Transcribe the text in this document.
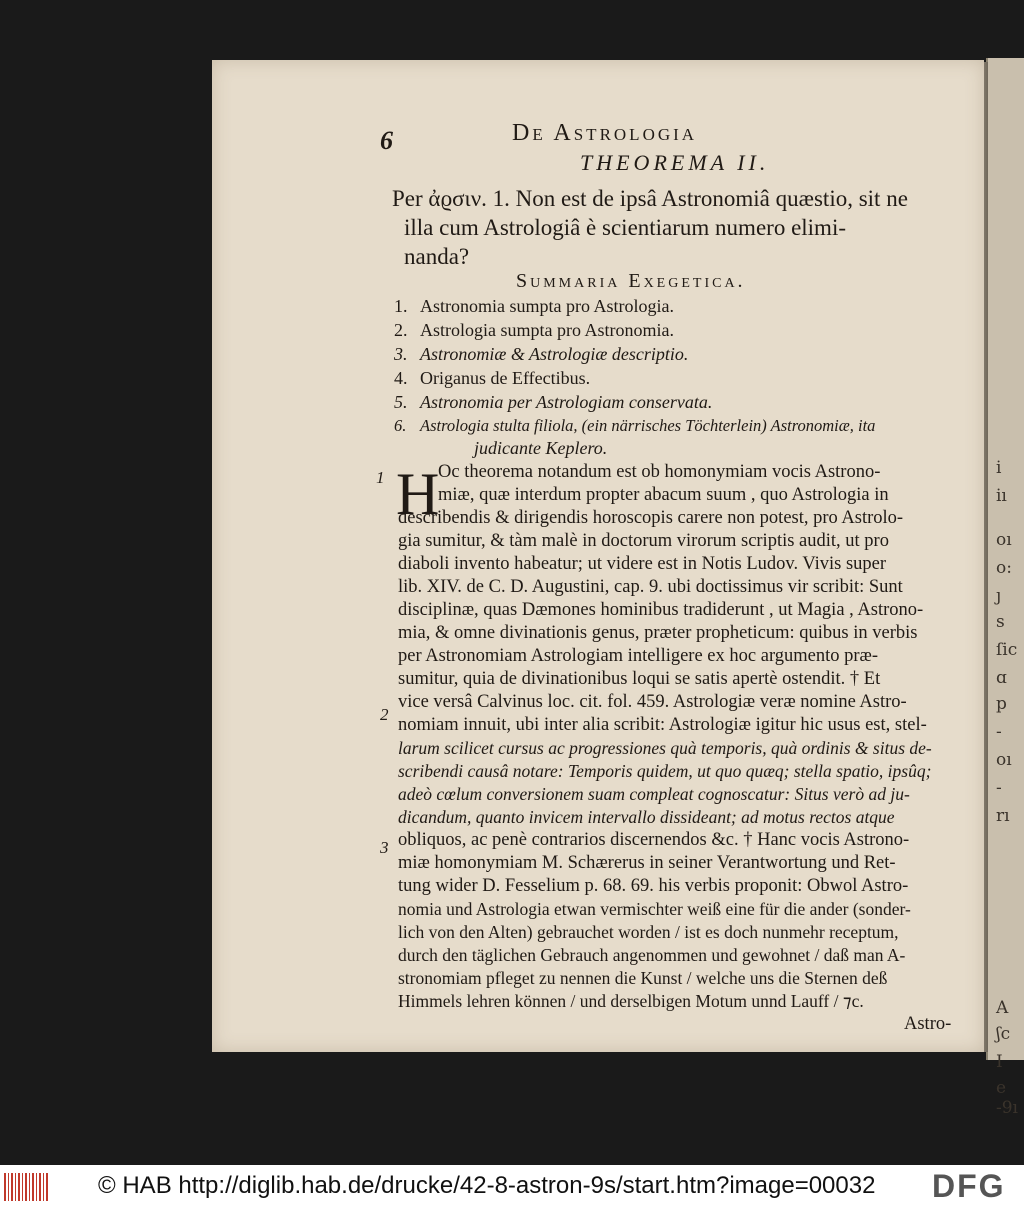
i
iı
oı
o:
ȷ
s
ſic
ɑ
p
-
oı
-
rı
A
ʃc
I
e
-9ı
6	De Astrologia
THEOREMA II.
Per ἀϱσιν. 1. Non est de ipsâ Astronomiâ quæstio, sit ne
illa cum Astrologiâ è scientiarum numero elimi-
nanda?
Summaria Exegetica.
1. Astronomia sumpta pro Astrologia.
2. Astrologia sumpta pro Astronomia.
3. Astronomiæ & Astrologiæ descriptio.
4. Origanus de Effectibus.
5. Astronomia per Astrologiam conservata.
6. Astrologia stulta filiola, (ein närrisches Töchterlein) Astronomiæ, ita
judicante Keplero.
1
2
3
H
Oc theorema notandum est ob homonymiam vocis Astrono-
miæ, quæ interdum propter abacum suum , quo Astrologia in
describendis & dirigendis horoscopis carere non potest, pro Astrolo-
gia sumitur, & tàm malè in doctorum virorum scriptis audit, ut pro
diaboli invento habeatur; ut videre est in Notis Ludov. Vivis super
lib. XIV. de C. D. Augustini, cap. 9. ubi doctissimus vir scribit: Sunt
disciplinæ, quas Dæmones hominibus tradiderunt , ut Magia , Astrono-
mia, & omne divinationis genus, præter propheticum: quibus in verbis
per Astronomiam Astrologiam intelligere ex hoc argumento præ-
sumitur, quia de divinationibus loqui se satis apertè ostendit. † Et
vice versâ Calvinus loc. cit. fol. 459. Astrologiæ veræ nomine Astro-
nomiam innuit, ubi inter alia scribit: Astrologiæ igitur hic usus est, stel-
larum scilicet cursus ac progressiones quà temporis, quà ordinis & situs de-
scribendi causâ notare: Temporis quidem, ut quo quæq; stella spatio, ipsûq;
adeò cœlum conversionem suam compleat cognoscatur: Situs verò ad ju-
dicandum, quanto invicem intervallo dissideant; ad motus rectos atque
obliquos, ac penè contrarios discernendos &c. † Hanc vocis Astrono-
miæ homonymiam M. Schærerus in seiner Verantwortung und Ret-
tung wider D. Fesselium p. 68. 69. his verbis proponit: Obwol Astro-
nomia und Astrologia etwan vermischter weiß eine für die ander (sonder-
lich von den Alten) gebrauchet worden / ist es doch nunmehr receptum,
durch den täglichen Gebrauch angenommen und gewohnet / daß man A-
stronomiam pfleget zu nennen die Kunst / welche uns die Sternen deß
Himmels lehren können / und derselbigen Motum unnd Lauff / ⁊c.
Astro-
© HAB http://diglib.hab.de/drucke/42-8-astron-9s/start.htm?image=00032 DFG
